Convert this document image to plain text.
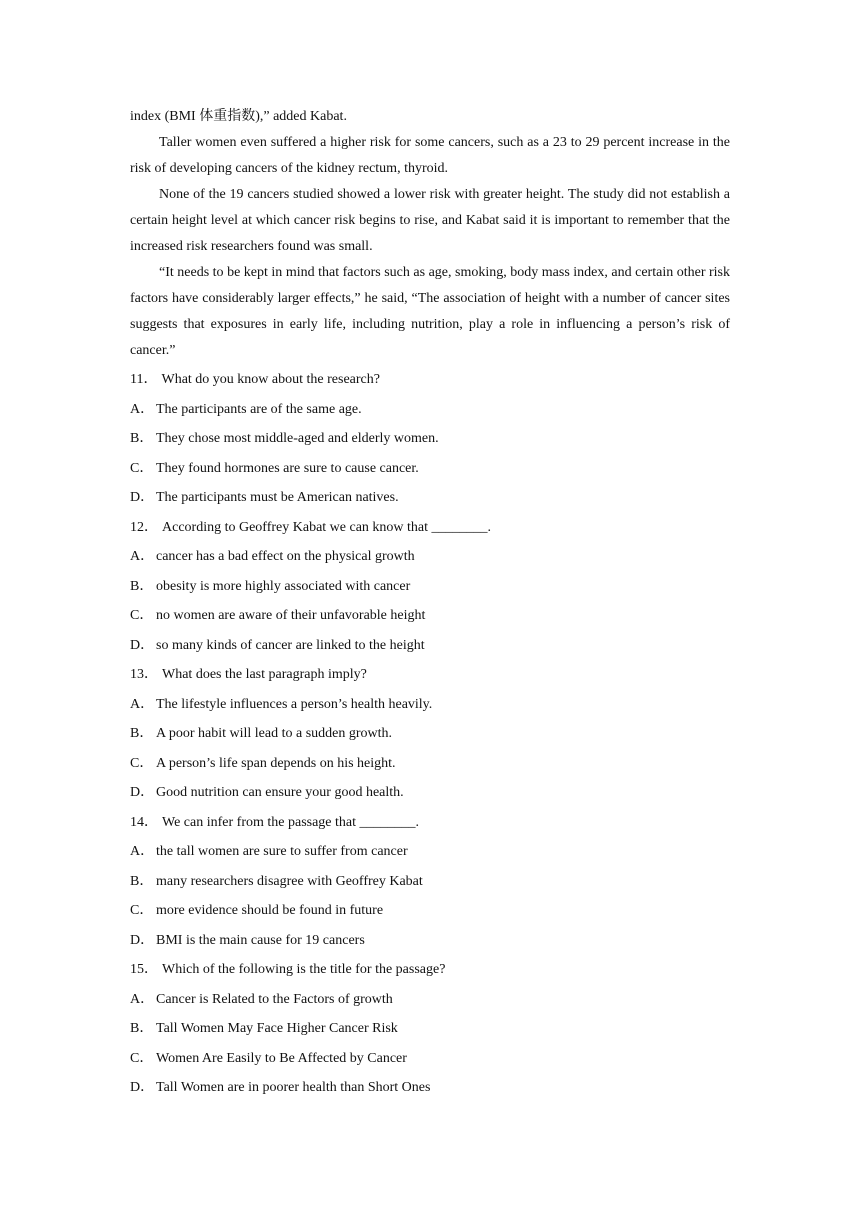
index (BMI 体重指数),” added Kabat.

Taller women even suffered a higher risk for some cancers, such as a 23 to 29 percent increase in the risk of developing cancers of the kidney rectum, thyroid.

None of the 19 cancers studied showed a lower risk with greater height. The study did not establish a certain height level at which cancer risk begins to rise, and Kabat said it is important to remember that the increased risk researchers found was small.

“It needs to be kept in mind that factors such as age, smoking, body mass index, and certain other risk factors have considerably larger effects,” he said, “The association of height with a number of cancer sites suggests that exposures in early life, including nutrition, play a role in influencing a person’s risk of cancer.”

11． What do you know about the research?

A． The participants are of the same age.

B． They chose most middle-aged and elderly women.

C． They found hormones are sure to cause cancer.

D． The participants must be American natives.

12． According to Geoffrey Kabat we can know that ________.

A． cancer has a bad effect on the physical growth

B． obesity is more highly associated with cancer

C． no women are aware of their unfavorable height

D． so many kinds of cancer are linked to the height

13． What does the last paragraph imply?

A． The lifestyle influences a person’s health heavily.

B． A poor habit will lead to a sudden growth.

C． A person’s life span depends on his height.

D． Good nutrition can ensure your good health.

14． We can infer from the passage that ________.

A． the tall women are sure to suffer from cancer

B． many researchers disagree with Geoffrey Kabat

C． more evidence should be found in future

D． BMI is the main cause for 19 cancers

15． Which of the following is the title for the passage?

A． Cancer is Related to the Factors of growth

B． Tall Women May Face Higher Cancer Risk

C． Women Are Easily to Be Affected by Cancer

D． Tall Women are in poorer health than Short Ones
